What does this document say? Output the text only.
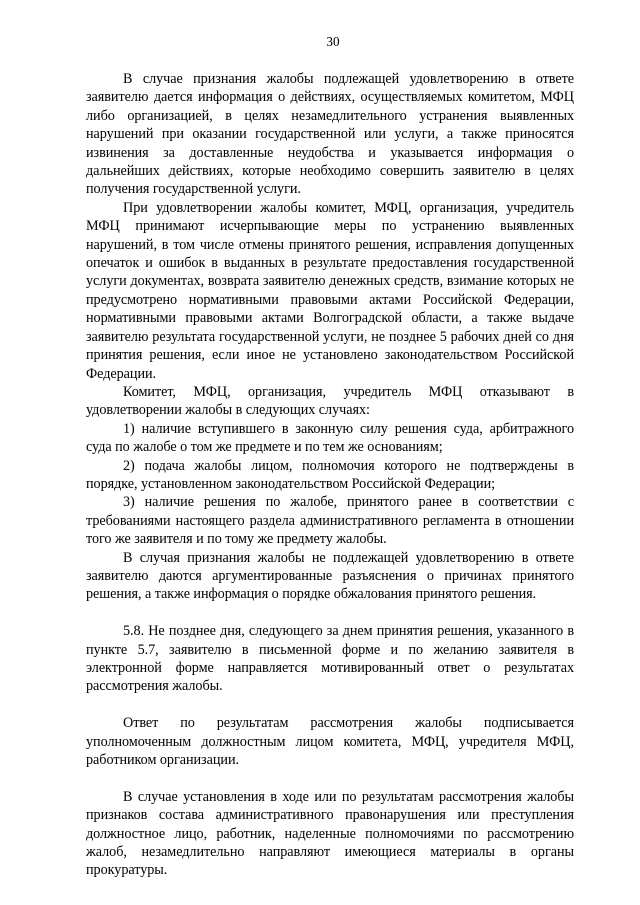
30

В случае признания жалобы подлежащей удовлетворению в ответе заявителю дается информация о действиях, осуществляемых комитетом, МФЦ либо организацией, в целях незамедлительного устранения выявленных нарушений при оказании государственной или услуги, а также приносятся извинения за доставленные неудобства и указывается информация о дальнейших действиях, которые необходимо совершить заявителю в целях получения государственной услуги.

При удовлетворении жалобы комитет, МФЦ, организация, учредитель МФЦ принимают исчерпывающие меры по устранению выявленных нарушений, в том числе отмены принятого решения, исправления допущенных опечаток и ошибок в выданных в результате предоставления государственной услуги документах, возврата заявителю денежных средств, взимание которых не предусмотрено нормативными правовыми актами Российской Федерации, нормативными правовыми актами Волгоградской области, а также выдаче заявителю результата государственной услуги, не позднее 5 рабочих дней со дня принятия решения, если иное не установлено законодательством Российской Федерации.

Комитет, МФЦ, организация, учредитель МФЦ отказывают в удовлетворении жалобы в следующих случаях:

1) наличие вступившего в законную силу решения суда, арбитражного суда по жалобе о том же предмете и по тем же основаниям;

2) подача жалобы лицом, полномочия которого не подтверждены в порядке, установленном законодательством Российской Федерации;

3) наличие решения по жалобе, принятого ранее в соответствии с требованиями настоящего раздела административного регламента в отношении того же заявителя и по тому же предмету жалобы.

В случая признания жалобы не подлежащей удовлетворению в ответе заявителю даются аргументированные разъяснения о причинах принятого решения, а также информация о порядке обжалования принятого решения.

5.8. Не позднее дня, следующего за днем принятия решения, указанного в пункте 5.7, заявителю в письменной форме и по желанию заявителя в электронной форме направляется мотивированный ответ о результатах рассмотрения жалобы.

Ответ по результатам рассмотрения жалобы подписывается уполномоченным должностным лицом комитета, МФЦ, учредителя МФЦ, работником организации.

В случае установления в ходе или по результатам рассмотрения жалобы признаков состава административного правонарушения или преступления должностное лицо, работник, наделенные полномочиями по рассмотрению жалоб, незамедлительно направляют имеющиеся материалы в органы прокуратуры.
